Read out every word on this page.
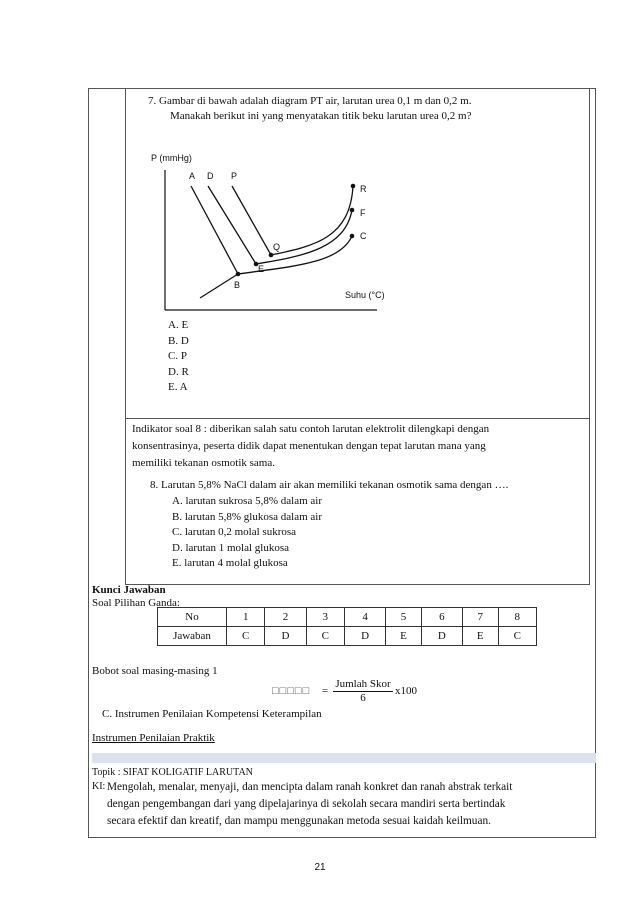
7. Gambar di bawah adalah diagram PT air, larutan urea 0,1 m dan 0,2 m.
Manakah berikut ini yang menyatakan titik beku larutan urea 0,2 m?
P (mmHg)
Suhu (°C)
A D P
R
F
C
Q
E
B
A. E
B. D
C. P
D. R
E. A
Indikator soal 8 : diberikan salah satu contoh larutan elektrolit dilengkapi dengan
konsentrasinya, peserta didik dapat menentukan dengan tepat larutan mana yang
memiliki tekanan osmotik sama.
8. Larutan 5,8% NaCl dalam air akan memiliki tekanan osmotik sama dengan ….
A. larutan sukrosa 5,8% dalam air
B. larutan 5,8% glukosa dalam air
C. larutan 0,2 molal sukrosa
D. larutan 1 molal glukosa
E. larutan 4 molal glukosa
Kunci Jawaban
Soal Pilihan Ganda:
No	1	2	3	4	5	6	7	8
Jawaban	C	D	C	D	E	D	E	C
Bobot soal masing-masing 1
□□□□□ =
Jumlah Skor
6
x100
C. Instrumen Penilaian Kompetensi Keterampilan
Instrumen Penilaian Praktik
Topik : SIFAT KOLIGATIF LARUTAN
KI: Mengolah, menalar, menyaji, dan mencipta dalam ranah konkret dan ranah abstrak terkait
dengan pengembangan dari yang dipelajarinya di sekolah secara mandiri serta bertindak
secara efektif dan kreatif, dan mampu menggunakan metoda sesuai kaidah keilmuan.
21
